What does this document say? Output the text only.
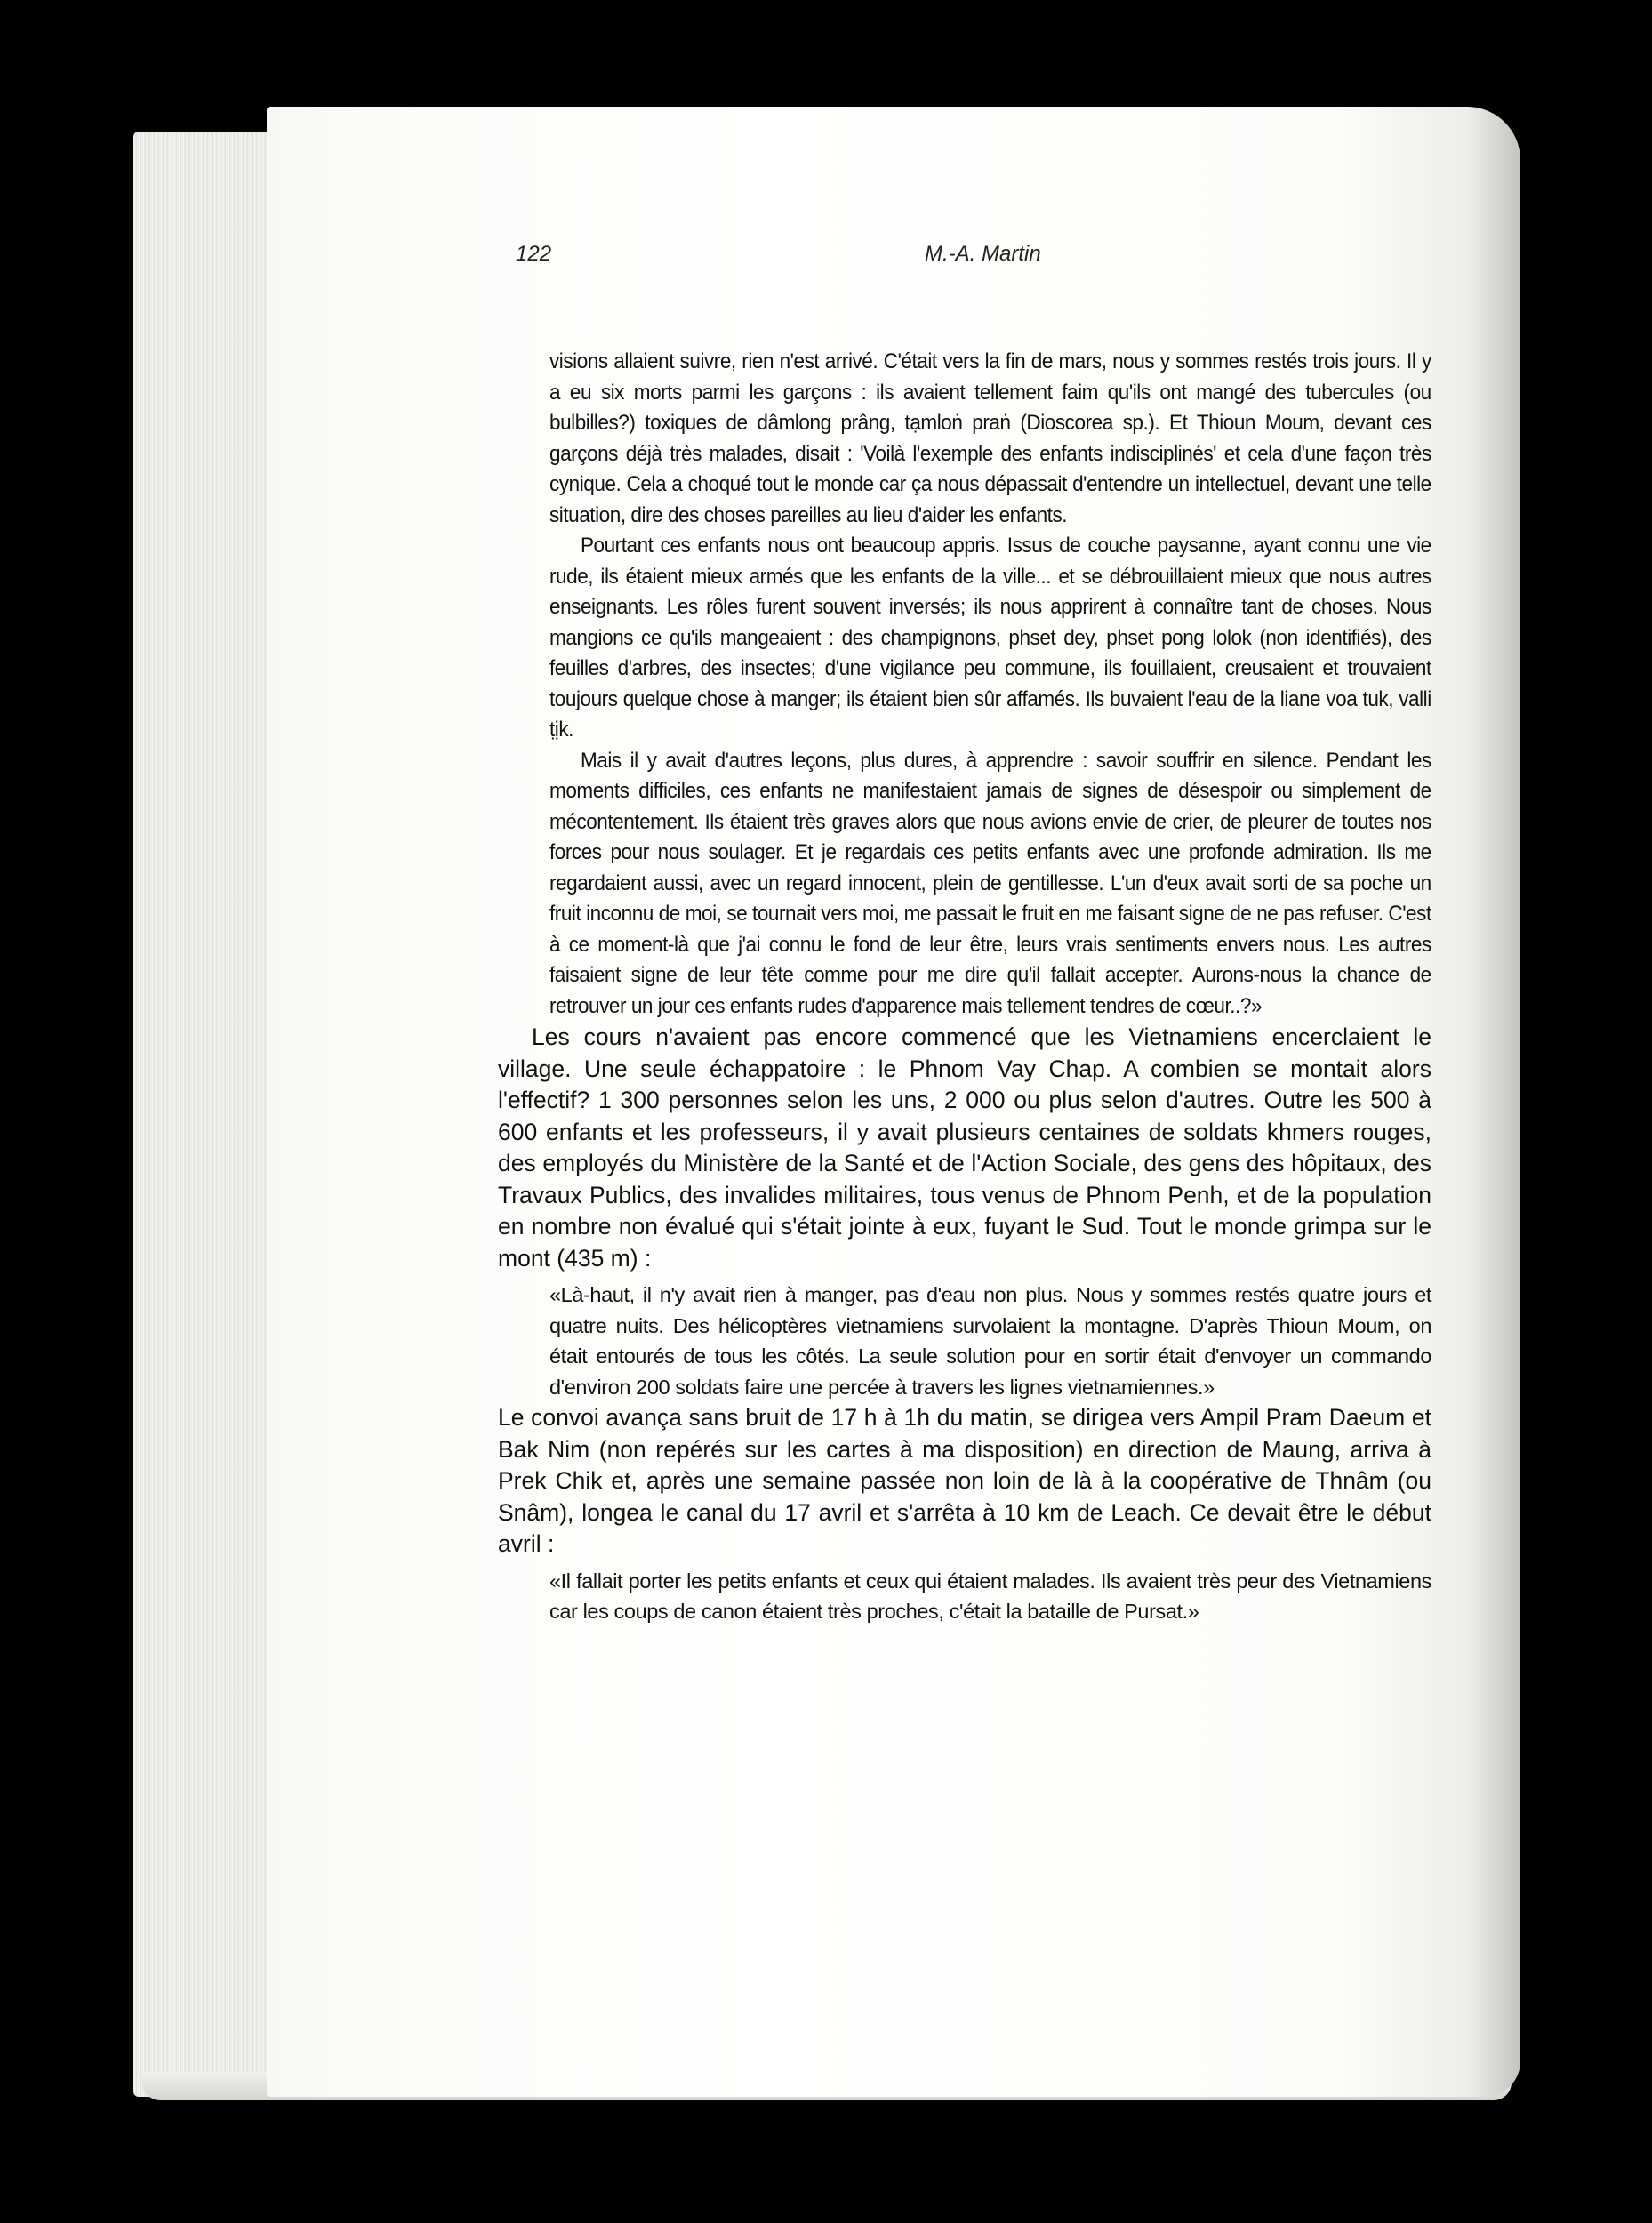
122	M.-A. Martin

visions allaient suivre, rien n'est arrivé. C'était vers la fin de mars, nous y sommes restés trois jours. Il y a eu six morts parmi les garçons : ils avaient tellement faim qu'ils ont mangé des tubercules (ou bulbilles?) toxiques de dâmlong prâng, tạmloṅ praṅ (Dioscorea sp.). Et Thioun Moum, devant ces garçons déjà très malades, disait : 'Voilà l'exemple des enfants indisciplinés' et cela d'une façon très cynique. Cela a choqué tout le monde car ça nous dépassait d'entendre un intellectuel, devant une telle situation, dire des choses pareilles au lieu d'aider les enfants.

Pourtant ces enfants nous ont beaucoup appris. Issus de couche paysanne, ayant connu une vie rude, ils étaient mieux armés que les enfants de la ville... et se débrouillaient mieux que nous autres enseignants. Les rôles furent souvent inversés; ils nous apprirent à connaître tant de choses. Nous mangions ce qu'ils mangeaient : des champignons, phset dey, phset pong lolok (non identifiés), des feuilles d'arbres, des insectes; d'une vigilance peu commune, ils fouillaient, creusaient et trouvaient toujours quelque chose à manger; ils étaient bien sûr affamés. Ils buvaient l'eau de la liane voa tuk, valli ṭịk.

Mais il y avait d'autres leçons, plus dures, à apprendre : savoir souffrir en silence. Pendant les moments difficiles, ces enfants ne manifestaient jamais de signes de désespoir ou simplement de mécontentement. Ils étaient très graves alors que nous avions envie de crier, de pleurer de toutes nos forces pour nous soulager. Et je regardais ces petits enfants avec une profonde admiration. Ils me regardaient aussi, avec un regard innocent, plein de gentillesse. L'un d'eux avait sorti de sa poche un fruit inconnu de moi, se tournait vers moi, me passait le fruit en me faisant signe de ne pas refuser. C'est à ce moment-là que j'ai connu le fond de leur être, leurs vrais sentiments envers nous. Les autres faisaient signe de leur tête comme pour me dire qu'il fallait accepter. Aurons-nous la chance de retrouver un jour ces enfants rudes d'apparence mais tellement tendres de cœur..?»

Les cours n'avaient pas encore commencé que les Vietnamiens encerclaient le village. Une seule échappatoire : le Phnom Vay Chap. A combien se montait alors l'effectif? 1 300 personnes selon les uns, 2 000 ou plus selon d'autres. Outre les 500 à 600 enfants et les professeurs, il y avait plusieurs centaines de soldats khmers rouges, des employés du Ministère de la Santé et de l'Action Sociale, des gens des hôpitaux, des Travaux Publics, des invalides militaires, tous venus de Phnom Penh, et de la population en nombre non évalué qui s'était jointe à eux, fuyant le Sud. Tout le monde grimpa sur le mont (435 m) :

«Là-haut, il n'y avait rien à manger, pas d'eau non plus. Nous y sommes restés quatre jours et quatre nuits. Des hélicoptères vietnamiens survolaient la montagne. D'après Thioun Moum, on était entourés de tous les côtés. La seule solution pour en sortir était d'envoyer un commando d'environ 200 soldats faire une percée à travers les lignes vietnamiennes.»

Le convoi avança sans bruit de 17 h à 1h du matin, se dirigea vers Ampil Pram Daeum et Bak Nim (non repérés sur les cartes à ma disposition) en direction de Maung, arriva à Prek Chik et, après une semaine passée non loin de là à la coopérative de Thnâm (ou Snâm), longea le canal du 17 avril et s'arrêta à 10 km de Leach. Ce devait être le début avril :

«Il fallait porter les petits enfants et ceux qui étaient malades. Ils avaient très peur des Vietnamiens car les coups de canon étaient très proches, c'était la bataille de Pursat.»
